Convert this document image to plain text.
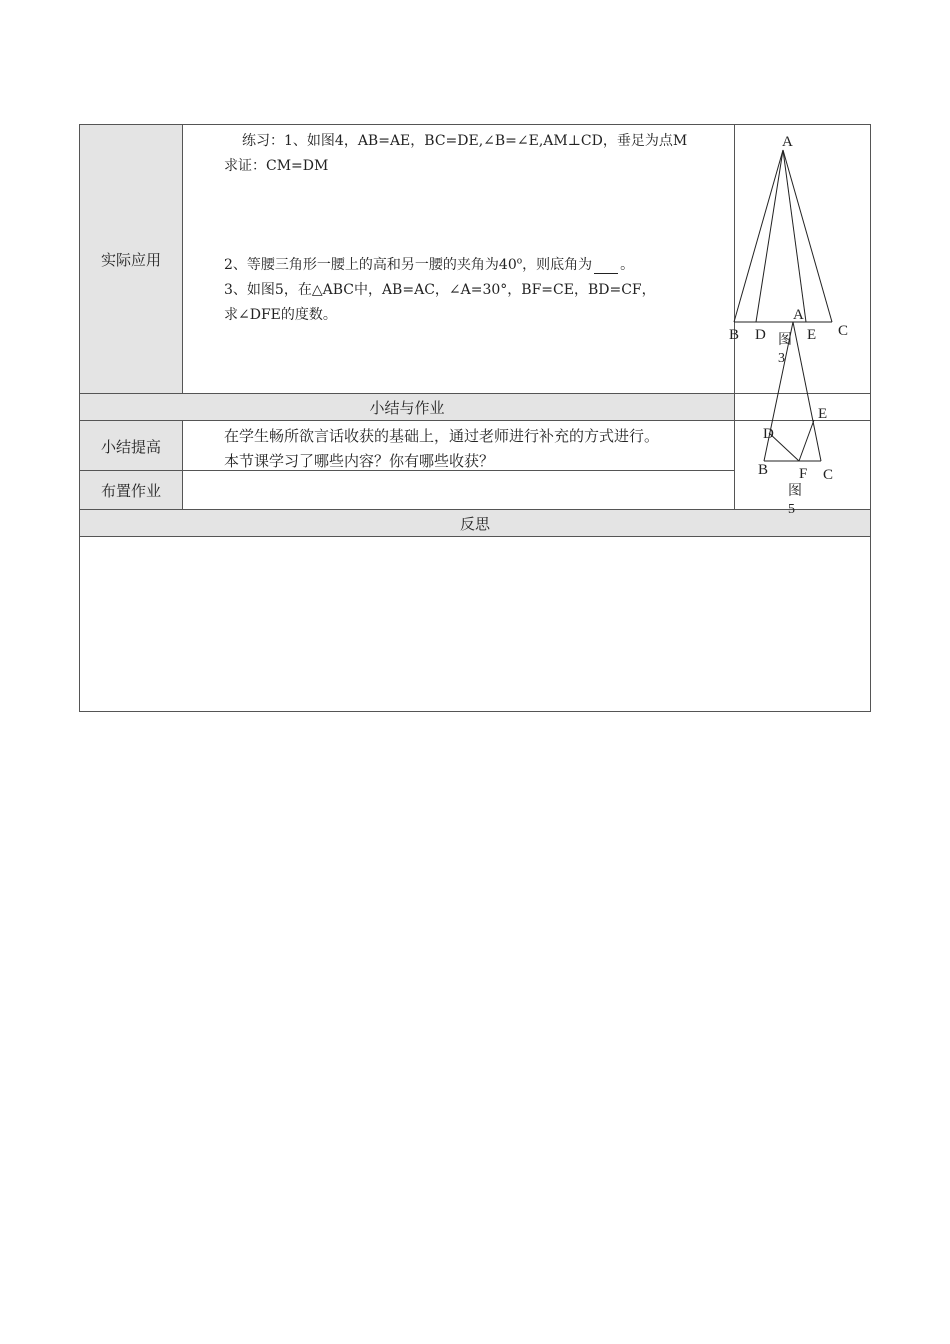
实际应用
小结与作业
小结提高
布置作业
反思
练习：1、如图4，AB=AE，BC=DE,∠B=∠E,AM⊥CD，垂足为点M
求证：CM=DM
2、等腰三角形一腰上的高和另一腰的夹角为40$^o$，则底角为 。
3、如图5，在△ABC中，AB=AC，∠A=30°，BF=CE，BD=CF，
求∠DFE的度数。
在学生畅所欲言话收获的基础上，通过老师进行补充的方式进行。
本节课学习了哪些内容？你有哪些收获？
A
B D	E C
图
3
A
E
D
B F C
图
5
